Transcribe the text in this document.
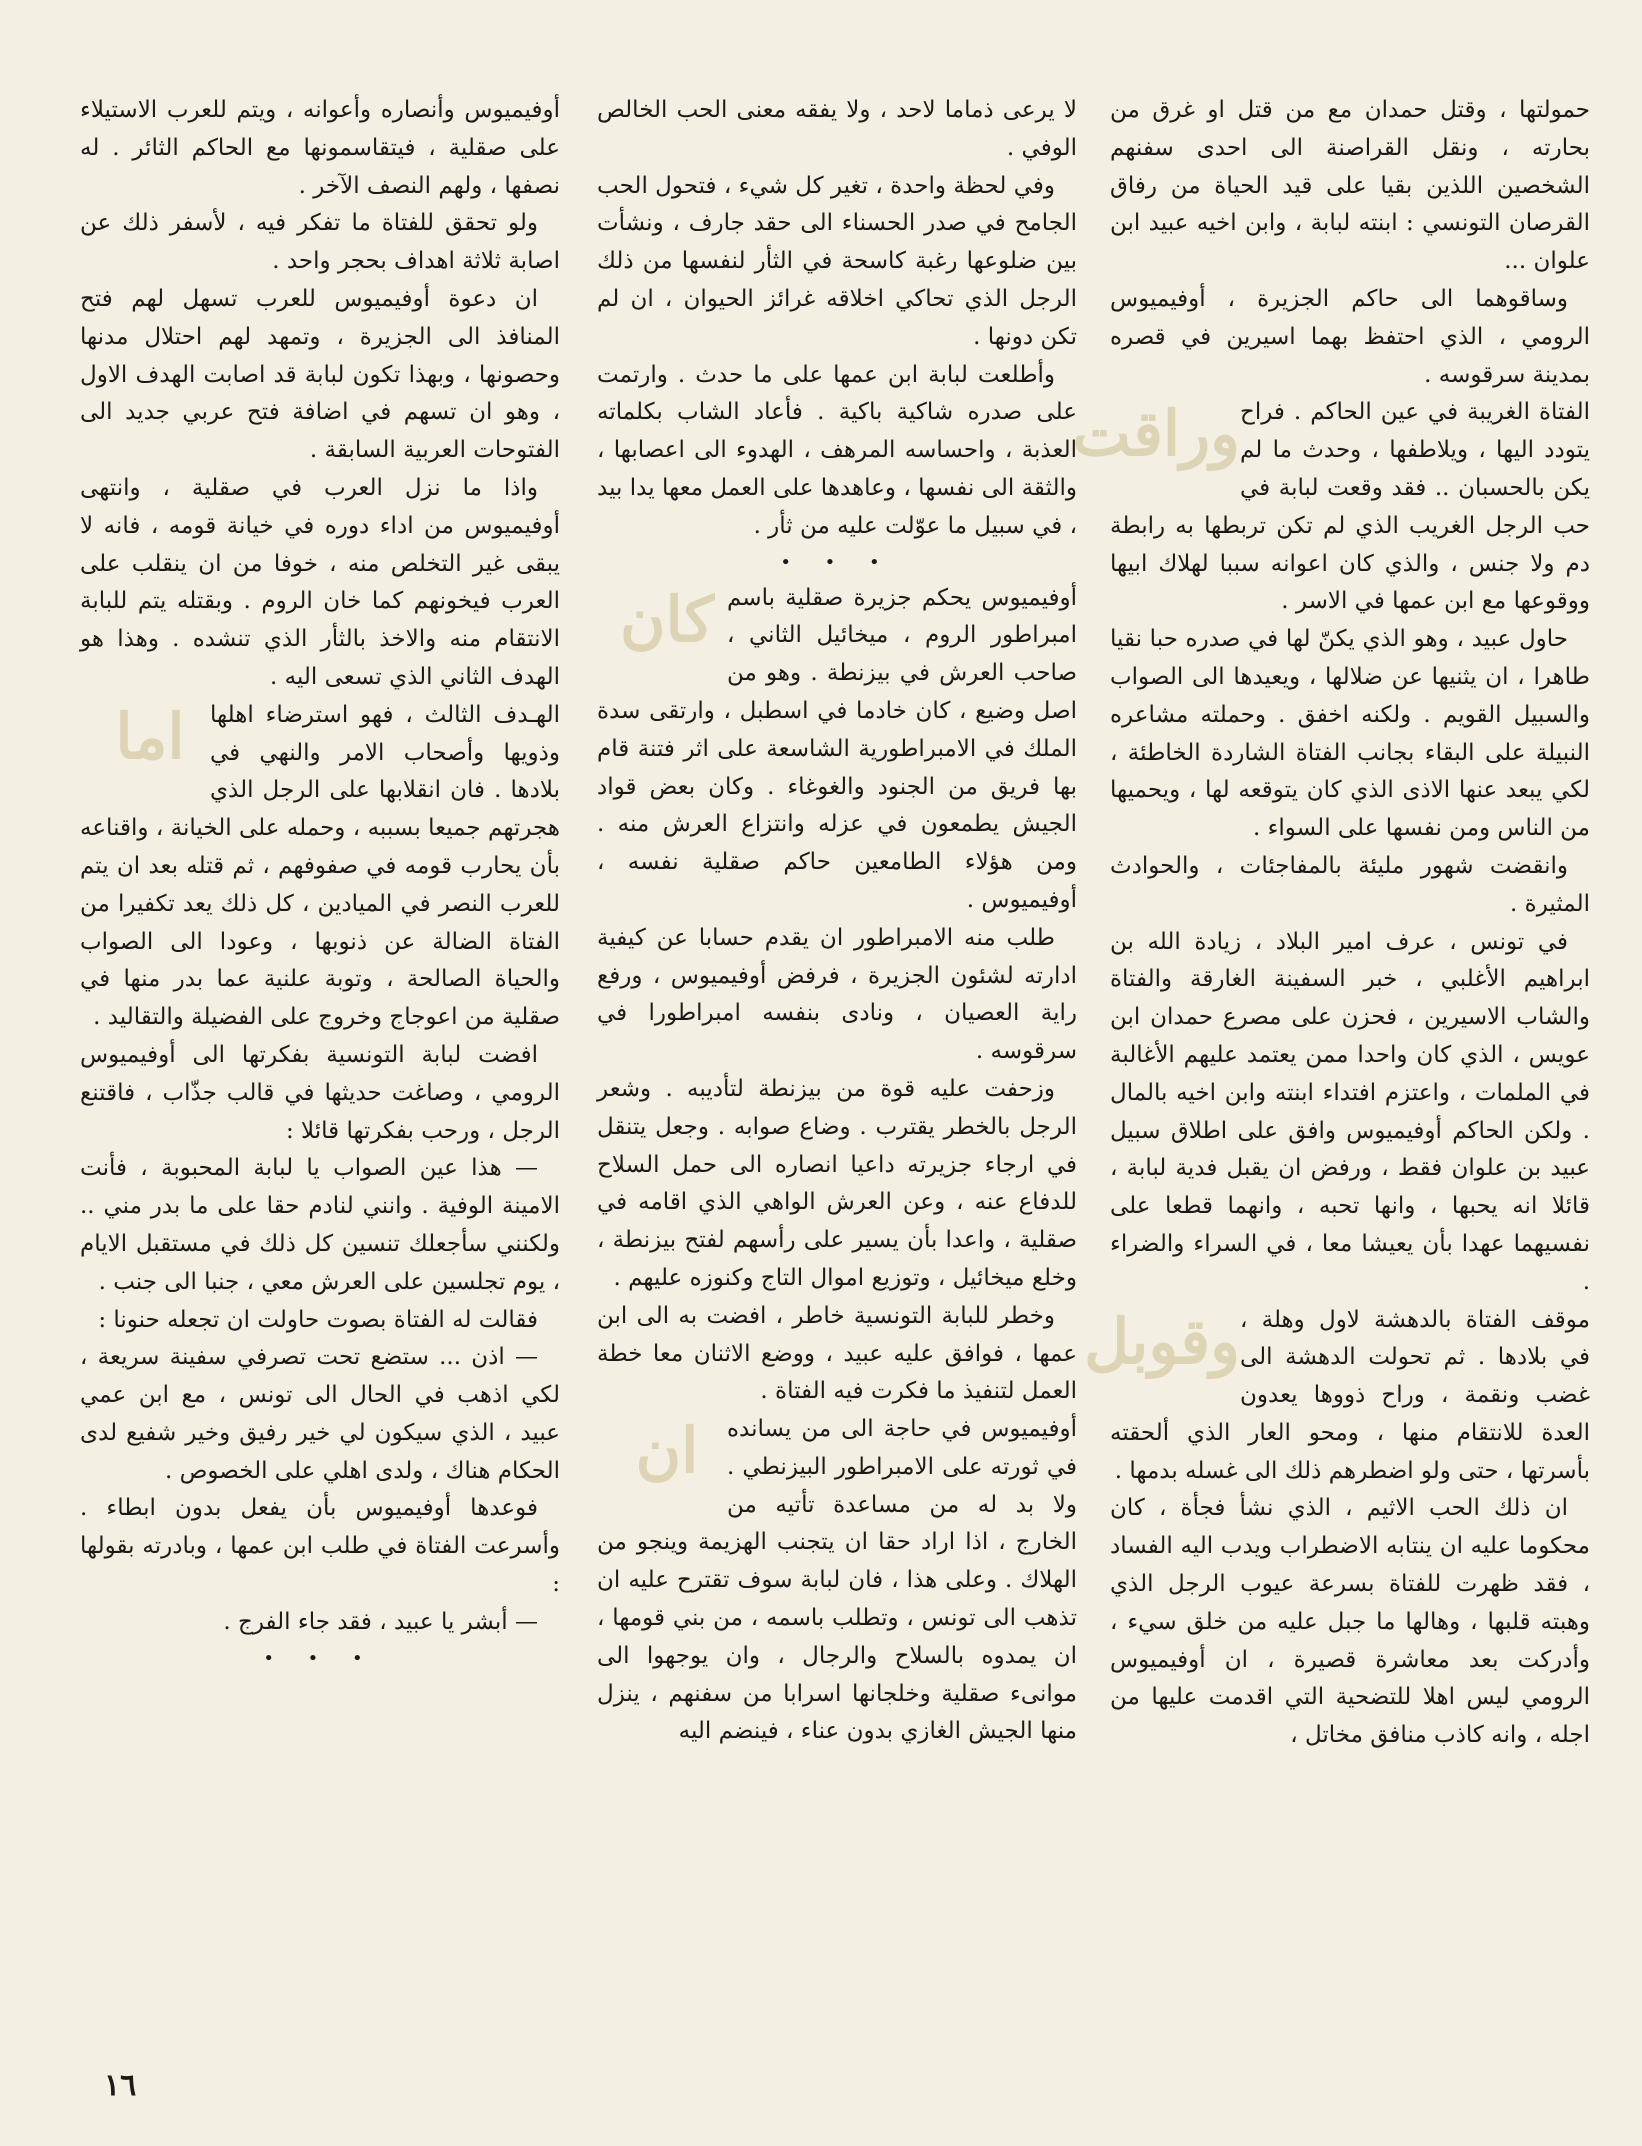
حمولتها ، وقتل حمدان مع من قتل او غرق من بحارته ، ونقل القراصنة الى احدى سفنهم الشخصين اللذين بقيا على قيد الحياة من رفاق القرصان التونسي : ابنته لبابة ، وابن اخيه عبيد ابن علوان ...

وساقوهما الى حاكم الجزيرة ، أوفيميوس الرومي ، الذي احتفظ بهما اسيرين في قصره بمدينة سرقوسه .

وراقت الفتاة الغريبة في عين الحاكم . فراح يتودد اليها ، ويلاطفها ، وحدث ما لم يكن بالحسبان .. فقد وقعت لبابة في حب الرجل الغريب الذي لم تكن تربطها به رابطة دم ولا جنس ، والذي كان اعوانه سببا لهلاك ابيها ووقوعها مع ابن عمها في الاسر .

حاول عبيد ، وهو الذي يكنّ لها في صدره حبا نقيا طاهرا ، ان يثنيها عن ضلالها ، ويعيدها الى الصواب والسبيل القويم . ولكنه اخفق . وحملته مشاعره النبيلة على البقاء بجانب الفتاة الشاردة الخاطئة ، لكي يبعد عنها الاذى الذي كان يتوقعه لها ، ويحميها من الناس ومن نفسها على السواء .

وانقضت شهور مليئة بالمفاجئات ، والحوادث المثيرة .

في تونس ، عرف امير البلاد ، زيادة الله بن ابراهيم الأغلبي ، خبر السفينة الغارقة والفتاة والشاب الاسيرين ، فحزن على مصرع حمدان ابن عويس ، الذي كان واحدا ممن يعتمد عليهم الأغالبة في الملمات ، واعتزم افتداء ابنته وابن اخيه بالمال . ولكن الحاكم أوفيميوس وافق على اطلاق سبيل عبيد بن علوان فقط ، ورفض ان يقبل فدية لبابة ، قائلا انه يحبها ، وانها تحبه ، وانهما قطعا على نفسيهما عهدا بأن يعيشا معا ، في السراء والضراء .

وقوبل موقف الفتاة بالدهشة لاول وهلة ، في بلادها . ثم تحولت الدهشة الى غضب ونقمة ، وراح ذووها يعدون العدة للانتقام منها ، ومحو العار الذي ألحقته بأسرتها ، حتى ولو اضطرهم ذلك الى غسله بدمها .

ان ذلك الحب الاثيم ، الذي نشأ فجأة ، كان محكوما عليه ان ينتابه الاضطراب ويدب اليه الفساد ، فقد ظهرت للفتاة بسرعة عيوب الرجل الذي وهبته قلبها ، وهالها ما جبل عليه من خلق سيء ، وأدركت بعد معاشرة قصيرة ، ان أوفيميوس الرومي ليس اهلا للتضحية التي اقدمت عليها من اجله ، وانه كاذب منافق مخاتل ،

لا يرعى ذماما لاحد ، ولا يفقه معنى الحب الخالص الوفي .

وفي لحظة واحدة ، تغير كل شيء ، فتحول الحب الجامح في صدر الحسناء الى حقد جارف ، ونشأت بين ضلوعها رغبة كاسحة في الثأر لنفسها من ذلك الرجل الذي تحاكي اخلاقه غرائز الحيوان ، ان لم تكن دونها .

وأطلعت لبابة ابن عمها على ما حدث . وارتمت على صدره شاكية باكية . فأعاد الشاب بكلماته العذبة ، واحساسه المرهف ، الهدوء الى اعصابها ، والثقة الى نفسها ، وعاهدها على العمل معها يدا بيد ، في سبيل ما عوّلت عليه من ثأر .

• • •

كان أوفيميوس يحكم جزيرة صقلية باسم امبراطور الروم ، ميخائيل الثاني ، صاحب العرش في بيزنطة . وهو من اصل وضيع ، كان خادما في اسطبل ، وارتقى سدة الملك في الامبراطورية الشاسعة على اثر فتنة قام بها فريق من الجنود والغوغاء . وكان بعض قواد الجيش يطمعون في عزله وانتزاع العرش منه . ومن هؤلاء الطامعين حاكم صقلية نفسه ، أوفيميوس .

طلب منه الامبراطور ان يقدم حسابا عن كيفية ادارته لشئون الجزيرة ، فرفض أوفيميوس ، ورفع راية العصيان ، ونادى بنفسه امبراطورا في سرقوسه .

وزحفت عليه قوة من بيزنطة لتأديبه . وشعر الرجل بالخطر يقترب . وضاع صوابه . وجعل يتنقل في ارجاء جزيرته داعيا انصاره الى حمل السلاح للدفاع عنه ، وعن العرش الواهي الذي اقامه في صقلية ، واعدا بأن يسير على رأسهم لفتح بيزنطة ، وخلع ميخائيل ، وتوزيع اموال التاج وكنوزه عليهم .

وخطر للبابة التونسية خاطر ، افضت به الى ابن عمها ، فوافق عليه عبيد ، ووضع الاثنان معا خطة العمل لتنفيذ ما فكرت فيه الفتاة .

ان	أوفيميوس في حاجة الى من يسانده في ثورته على الامبراطور البيزنطي . ولا بد له من مساعدة تأتيه من الخارج ، اذا اراد حقا ان يتجنب الهزيمة وينجو من الهلاك . وعلى هذا ، فان لبابة سوف تقترح عليه ان تذهب الى تونس ، وتطلب باسمه ، من بني قومها ، ان يمدوه بالسلاح والرجال ، وان يوجهوا الى موانىء صقلية وخلجانها اسرابا من سفنهم ، ينزل منها الجيش الغازي بدون عناء ، فينضم اليه

أوفيميوس وأنصاره وأعوانه ، ويتم للعرب الاستيلاء على صقلية ، فيتقاسمونها مع الحاكم الثائر . له نصفها ، ولهم النصف الآخر .

ولو تحقق للفتاة ما تفكر فيه ، لأسفر ذلك عن اصابة ثلاثة اهداف بحجر واحد .

ان دعوة أوفيميوس للعرب تسهل لهم فتح المنافذ الى الجزيرة ، وتمهد لهم احتلال مدنها وحصونها ، وبهذا تكون لبابة قد اصابت الهدف الاول ، وهو ان تسهم في اضافة فتح عربي جديد الى الفتوحات العربية السابقة .

واذا ما نزل العرب في صقلية ، وانتهى أوفيميوس من اداء دوره في خيانة قومه ، فانه لا يبقى غير التخلص منه ، خوفا من ان ينقلب على العرب فيخونهم كما خان الروم . وبقتله يتم للبابة الانتقام منه والاخذ بالثأر الذي تنشده . وهذا هو الهدف الثاني الذي تسعى اليه .

اما	الهـدف الثالث ، فهو استرضاء اهلها وذويها وأصحاب الامر والنهي في بلادها . فان انقلابها على الرجل الذي هجرتهم جميعا بسببه ، وحمله على الخيانة ، واقناعه بأن يحارب قومه في صفوفهم ، ثم قتله بعد ان يتم للعرب النصر في الميادين ، كل ذلك يعد تكفيرا من الفتاة الضالة عن ذنوبها ، وعودا الى الصواب والحياة الصالحة ، وتوبة علنية عما بدر منها في صقلية من اعوجاج وخروج على الفضيلة والتقاليد .

افضت لبابة التونسية بفكرتها الى أوفيميوس الرومي ، وصاغت حديثها في قالب جذّاب ، فاقتنع الرجل ، ورحب بفكرتها قائلا :

— هذا عين الصواب يا لبابة المحبوبة ، فأنت الامينة الوفية . وانني لنادم حقا على ما بدر مني .. ولكنني سأجعلك تنسين كل ذلك في مستقبل الايام ، يوم تجلسين على العرش معي ، جنبا الى جنب .

فقالت له الفتاة بصوت حاولت ان تجعله حنونا :

— اذن ... ستضع تحت تصرفي سفينة سريعة ، لكي اذهب في الحال الى تونس ، مع ابن عمي عبيد ، الذي سيكون لي خير رفيق وخير شفيع لدى الحكام هناك ، ولدى اهلي على الخصوص .

فوعدها أوفيميوس بأن يفعل بدون ابطاء . وأسرعت الفتاة في طلب ابن عمها ، وبادرته بقولها :

— أبشر يا عبيد ، فقد جاء الفرج .

• • •

١٦
